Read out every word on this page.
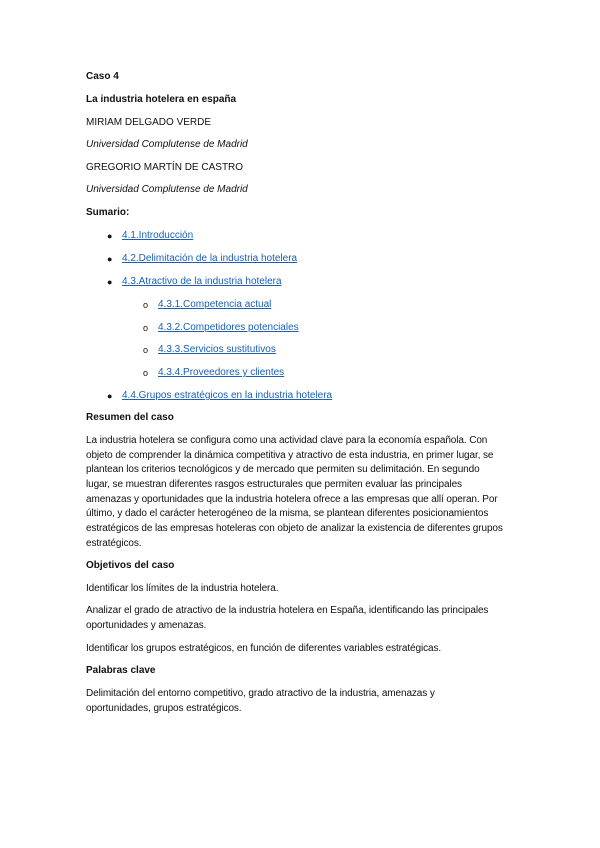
Caso 4
La industria hotelera en españa
MIRIAM DELGADO VERDE
Universidad Complutense de Madrid
GREGORIO MARTÍN DE CASTRO
Universidad Complutense de Madrid
Sumario:
● 4.1.Introducción
● 4.2.Delimitación de la industria hotelera
● 4.3.Atractivo de la industria hotelera
o 4.3.1.Competencia actual
o 4.3.2.Competidores potenciales
o 4.3.3.Servicios sustitutivos
o 4.3.4.Proveedores y clientes
● 4.4.Grupos estratégicos en la industria hotelera
Resumen del caso
La industria hotelera se configura como una actividad clave para la economía española. Con
objeto de comprender la dinámica competitiva y atractivo de esta industria, en primer lugar, se
plantean los criterios tecnológicos y de mercado que permiten su delimitación. En segundo
lugar, se muestran diferentes rasgos estructurales que permiten evaluar las principales
amenazas y oportunidades que la industria hotelera ofrece a las empresas que allí operan. Por
último, y dado el carácter heterogéneo de la misma, se plantean diferentes posicionamientos
estratégicos de las empresas hoteleras con objeto de analizar la existencia de diferentes grupos
estratégicos.
Objetivos del caso
Identificar los límites de la industria hotelera.
Analizar el grado de atractivo de la industria hotelera en España, identificando las principales
oportunidades y amenazas.
Identificar los grupos estratégicos, en función de diferentes variables estratégicas.
Palabras clave
Delimitación del entorno competitivo, grado atractivo de la industria, amenazas y
oportunidades, grupos estratégicos.
